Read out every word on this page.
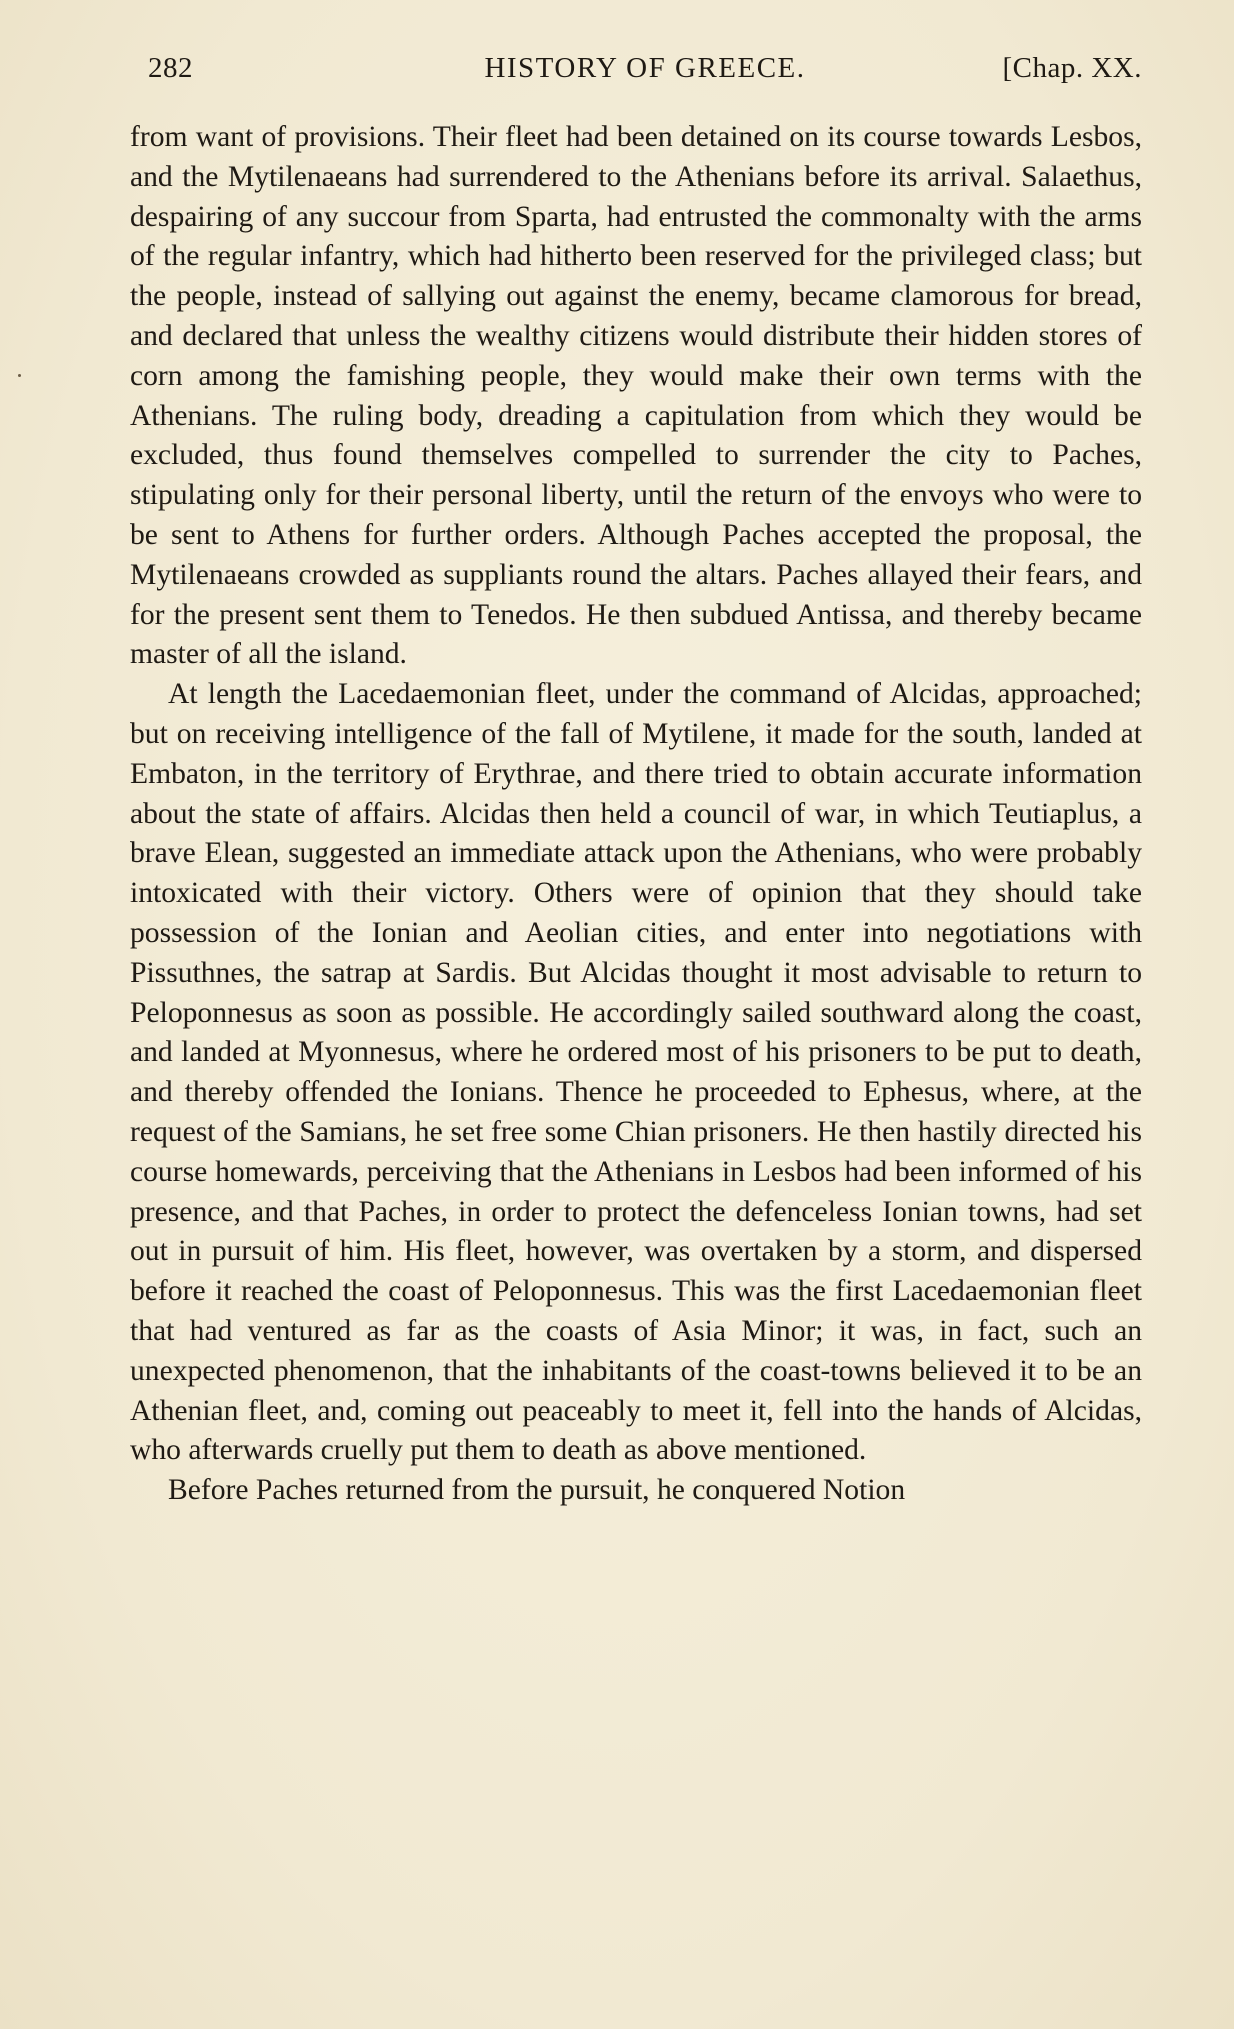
282	HISTORY OF GREECE.	[Chap. XX.

from want of provisions. Their fleet had been detained on its course towards Lesbos, and the Mytilenaeans had surrendered to the Athenians before its arrival. Salaethus, despairing of any succour from Sparta, had entrusted the commonalty with the arms of the regular infantry, which had hitherto been reserved for the privileged class; but the people, instead of sallying out against the enemy, became clamorous for bread, and declared that unless the wealthy citizens would distribute their hidden stores of corn among the famishing people, they would make their own terms with the Athenians. The ruling body, dreading a capitulation from which they would be excluded, thus found themselves compelled to surrender the city to Paches, stipulating only for their personal liberty, until the return of the envoys who were to be sent to Athens for further orders. Although Paches accepted the proposal, the Mytilenaeans crowded as suppliants round the altars. Paches allayed their fears, and for the present sent them to Tenedos. He then subdued Antissa, and thereby became master of all the island.

At length the Lacedaemonian fleet, under the command of Alcidas, approached; but on receiving intelligence of the fall of Mytilene, it made for the south, landed at Embaton, in the territory of Erythrae, and there tried to obtain accurate information about the state of affairs. Alcidas then held a council of war, in which Teutiaplus, a brave Elean, suggested an immediate attack upon the Athenians, who were probably intoxicated with their victory. Others were of opinion that they should take possession of the Ionian and Aeolian cities, and enter into negotiations with Pissuthnes, the satrap at Sardis. But Alcidas thought it most advisable to return to Peloponnesus as soon as possible. He accordingly sailed southward along the coast, and landed at Myonnesus, where he ordered most of his prisoners to be put to death, and thereby offended the Ionians. Thence he proceeded to Ephesus, where, at the request of the Samians, he set free some Chian prisoners. He then hastily directed his course homewards, perceiving that the Athenians in Lesbos had been informed of his presence, and that Paches, in order to protect the defenceless Ionian towns, had set out in pursuit of him. His fleet, however, was overtaken by a storm, and dispersed before it reached the coast of Peloponnesus. This was the first Lacedaemonian fleet that had ventured as far as the coasts of Asia Minor; it was, in fact, such an unexpected phenomenon, that the inhabitants of the coast-towns believed it to be an Athenian fleet, and, coming out peaceably to meet it, fell into the hands of Alcidas, who afterwards cruelly put them to death as above mentioned.

Before Paches returned from the pursuit, he conquered Notion
